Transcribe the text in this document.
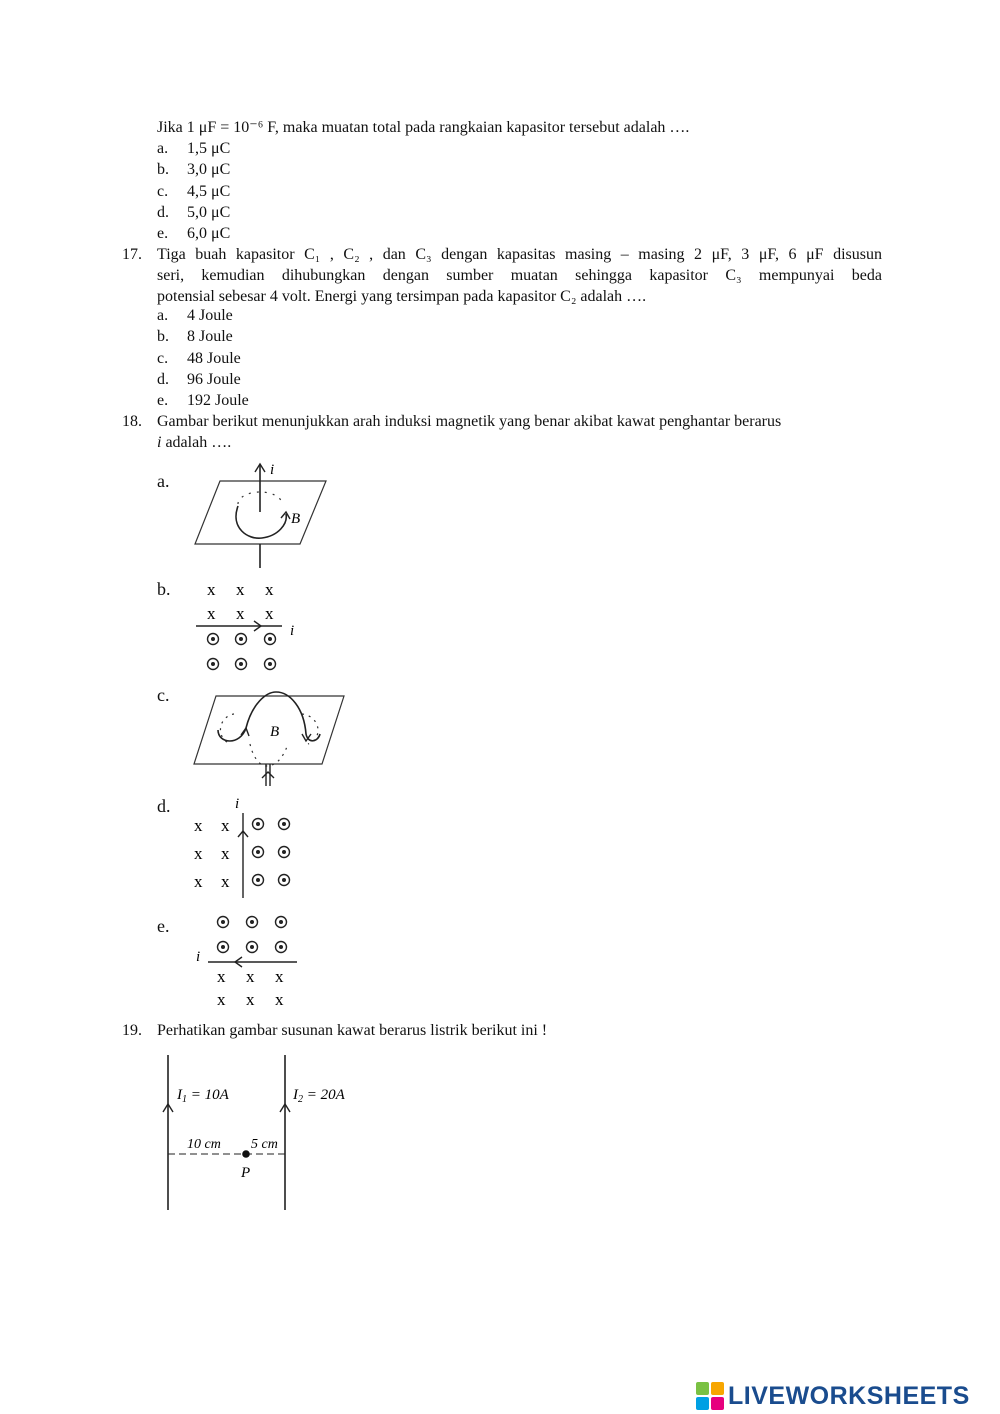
Jika 1 μF = 10⁻⁶ F, maka muatan total pada rangkaian kapasitor tersebut adalah ….
a. 1,5 μC
b. 3,0 μC
c. 4,5 μC
d. 5,0 μC
e. 6,0 μC
17. Tiga buah kapasitor C₁ , C₂ , dan C₃ dengan kapasitas masing – masing 2 μF, 3 μF, 6 μF disusun
seri, kemudian dihubungkan dengan sumber muatan sehingga kapasitor C₃ mempunyai beda
potensial sebesar 4 volt. Energi yang tersimpan pada kapasitor C₂ adalah ….
a. 4 Joule
b. 8 Joule
c. 48 Joule
d. 96 Joule
e. 192 Joule
18. Gambar berikut menunjukkan arah induksi magnetik yang benar akibat kawat penghantar berarus
i adalah ….
a.
b.
c.
d.
e.
i
B
x x x
x x x
i
B
i
x x
x x
x x
i
x x x
x x x
19. Perhatikan gambar susunan kawat berarus listrik berikut ini !
$I_1 = 10A$	$I_2 = 20A$
10 cm 5 cm
P
LIVEWORKSHEETS
